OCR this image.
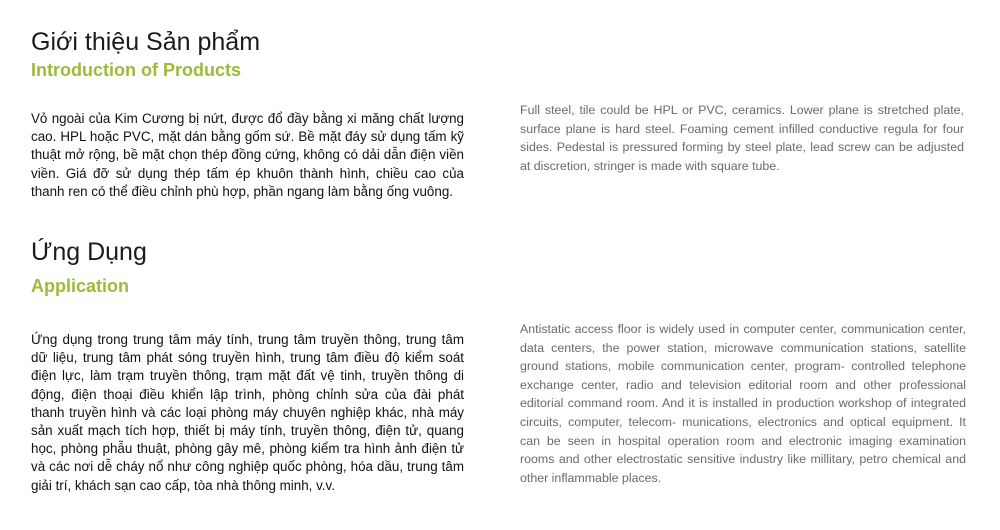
Giới thiệu Sản phẩm
Introduction of Products

Vỏ ngoài của Kim Cương bị nứt, được đổ đầy bằng xi măng chất lượng cao. HPL hoặc PVC, mặt dán bằng gốm sứ. Bề mặt đáy sử dụng tấm kỹ thuật mở rộng, bề mặt chọn thép đồng cứng, không có dải dẫn điện viền viền. Giá đỡ sử dụng thép tấm ép khuôn thành hình, chiều cao của thanh ren có thể điều chỉnh phù hợp, phần ngang làm bằng ống vuông.

Full steel, tile could be HPL or PVC, ceramics. Lower plane is stretched plate, surface plane is hard steel. Foaming cement infilled conductive regula for four sides. Pedestal is pressured forming by steel plate, lead screw can be adjusted at discretion, stringer is made with square tube.

Ứng Dụng
Application

Ứng dụng trong trung tâm máy tính, trung tâm truyền thông, trung tâm dữ liệu, trung tâm phát sóng truyền hình, trung tâm điều độ kiểm soát điện lực, làm trạm truyền thông, trạm mặt đất vệ tinh, truyền thông di động, điện thoại điều khiển lập trình, phòng chỉnh sửa của đài phát thanh truyền hình và các loại phòng máy chuyên nghiệp khác, nhà máy sản xuất mạch tích hợp, thiết bị máy tính, truyền thông, điện tử, quang học, phòng phẫu thuật, phòng gây mê, phòng kiểm tra hình ảnh điện tử và các nơi dễ cháy nổ như công nghiệp quốc phòng, hóa dầu, trung tâm giải trí, khách sạn cao cấp, tòa nhà thông minh, v.v.

Antistatic access floor is widely used in computer center, communication center, data centers, the power station, microwave communication stations, satellite ground stations, mobile communication center, program- controlled telephone exchange center, radio and television editorial room and other professional editorial command room. And it is installed in production workshop of integrated circuits, computer, telecom- munications, electronics and optical equipment. It can be seen in hospital operation room and electronic imaging examination rooms and other electrostatic sensitive industry like millitary, petro chemical and other inflammable places.
